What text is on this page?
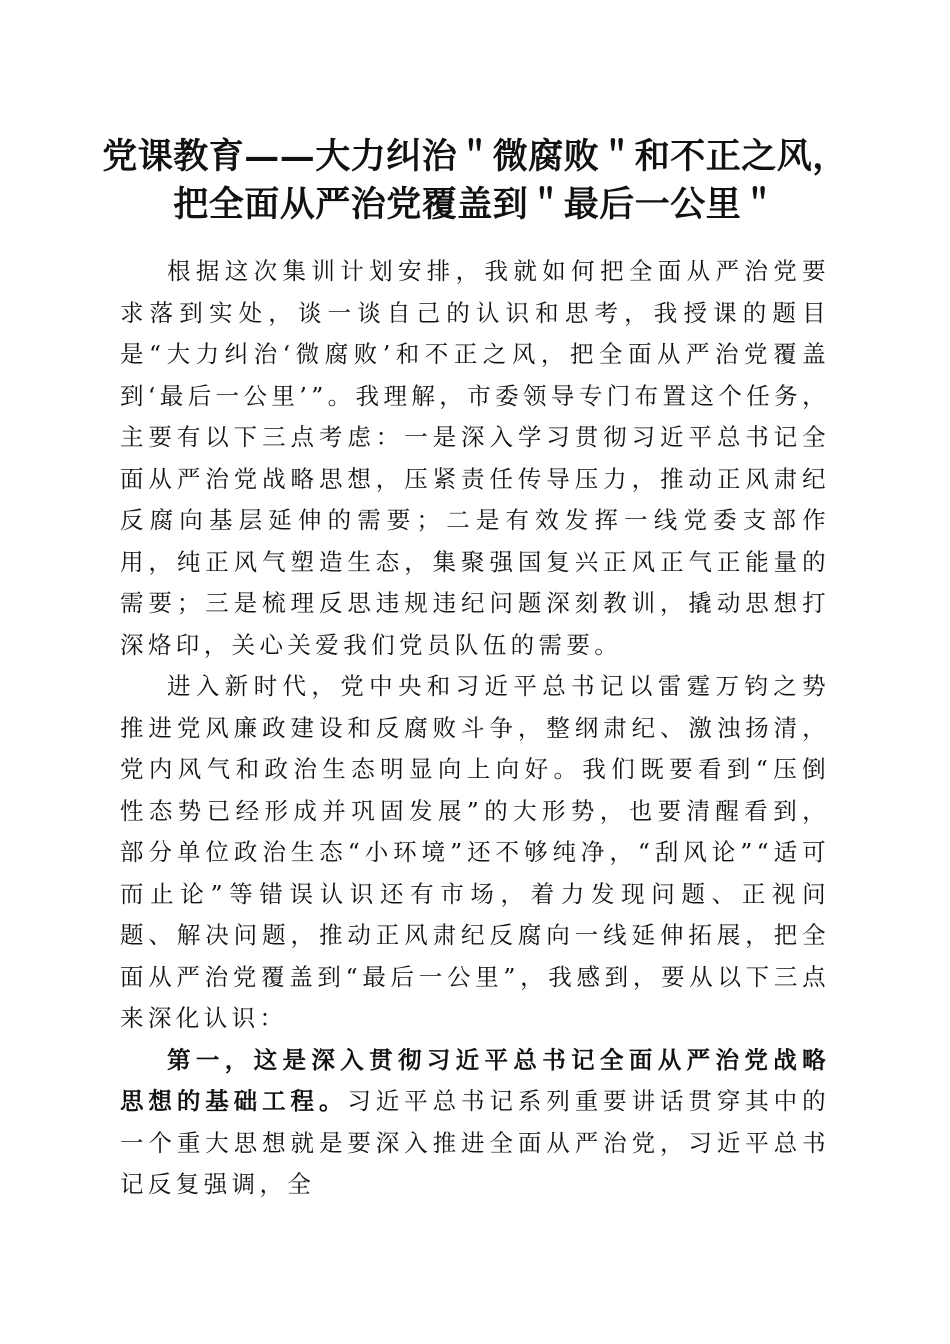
党课教育——大力纠治＂微腐败＂和不正之风，
把全面从严治党覆盖到＂最后一公里＂

根据这次集训计划安排，我就如何把全面从严治党要求落到实处，谈一谈自己的认识和思考，我授课的题目是“大力纠治‘微腐败’和不正之风，把全面从严治党覆盖到‘最后一公里’”。我理解，市委领导专门布置这个任务，主要有以下三点考虑：一是深入学习贯彻习近平总书记全面从严治党战略思想，压紧责任传导压力，推动正风肃纪反腐向基层延伸的需要；二是有效发挥一线党委支部作用，纯正风气塑造生态，集聚强国复兴正风正气正能量的需要；三是梳理反思违规违纪问题深刻教训，撬动思想打深烙印，关心关爱我们党员队伍的需要。

进入新时代，党中央和习近平总书记以雷霆万钧之势推进党风廉政建设和反腐败斗争，整纲肃纪、激浊扬清，党内风气和政治生态明显向上向好。我们既要看到“压倒性态势已经形成并巩固发展”的大形势，也要清醒看到，部分单位政治生态“小环境”还不够纯净，“刮风论”“适可而止论”等错误认识还有市场，着力发现问题、正视问题、解决问题，推动正风肃纪反腐向一线延伸拓展，把全面从严治党覆盖到“最后一公里”，我感到，要从以下三点来深化认识：

第一，这是深入贯彻习近平总书记全面从严治党战略思想的基础工程。习近平总书记系列重要讲话贯穿其中的一个重大思想就是要深入推进全面从严治党，习近平总书记反复强调，全
